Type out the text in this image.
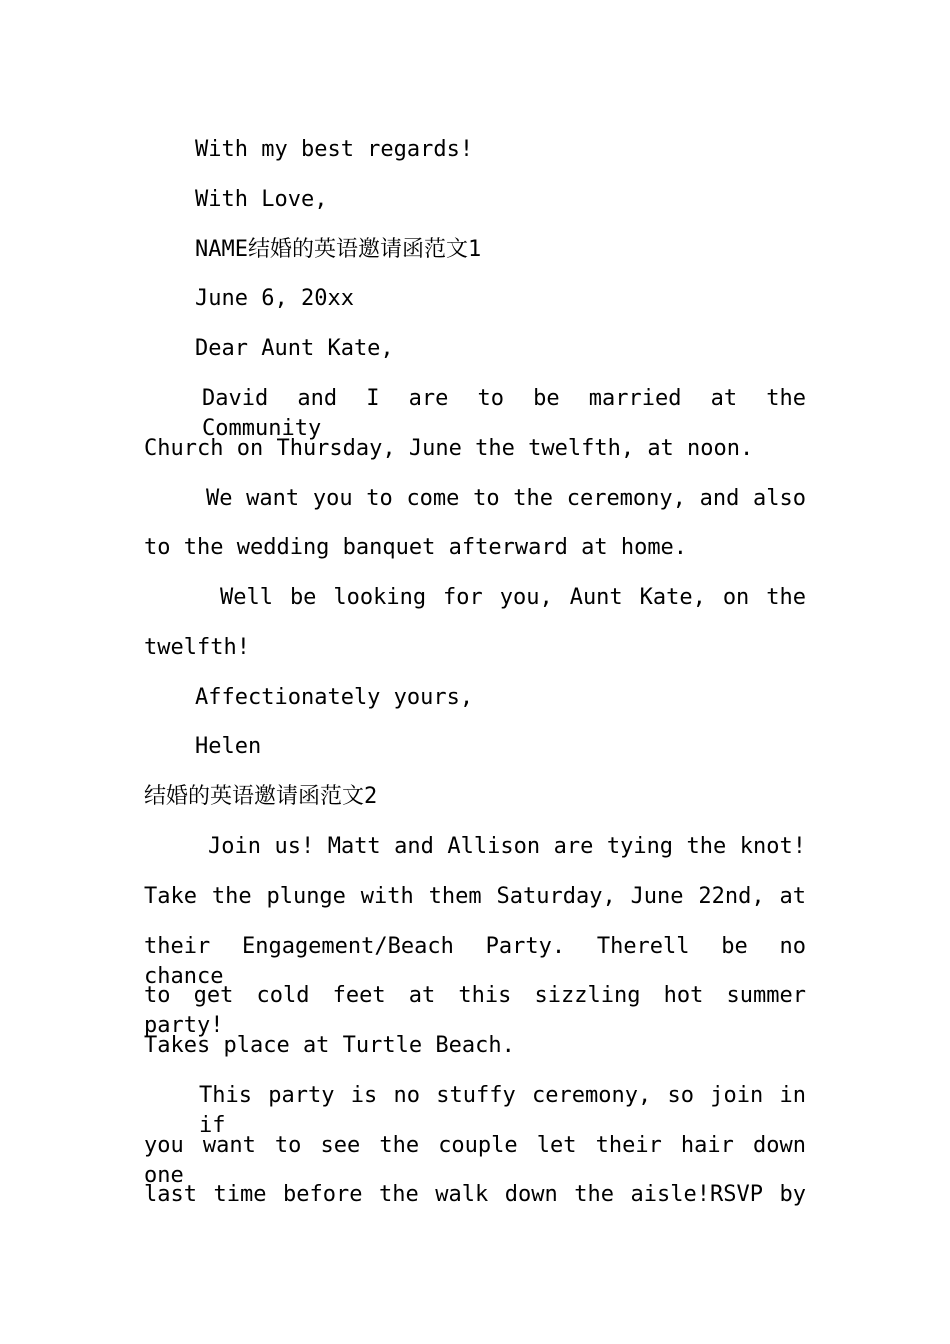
With my best regards!
With Love,
NAME结婚的英语邀请函范文1
June 6, 20xx
Dear Aunt Kate,
David and I are to be married at the Community
Church on Thursday, June the twelfth, at noon.
We want you to come to the ceremony, and also
to the wedding banquet afterward at home.
Well be looking for you, Aunt Kate, on the
twelfth!
Affectionately yours,
Helen
结婚的英语邀请函范文2
Join us! Matt and Allison are tying the knot!
Take the plunge with them Saturday, June 22nd, at
their Engagement/Beach Party. Therell be no chance
to get cold feet at this sizzling hot summer party!
Takes place at Turtle Beach.
This party is no stuffy ceremony, so join in if
you want to see the couple let their hair down one
last time before the walk down the aisle!RSVP by
